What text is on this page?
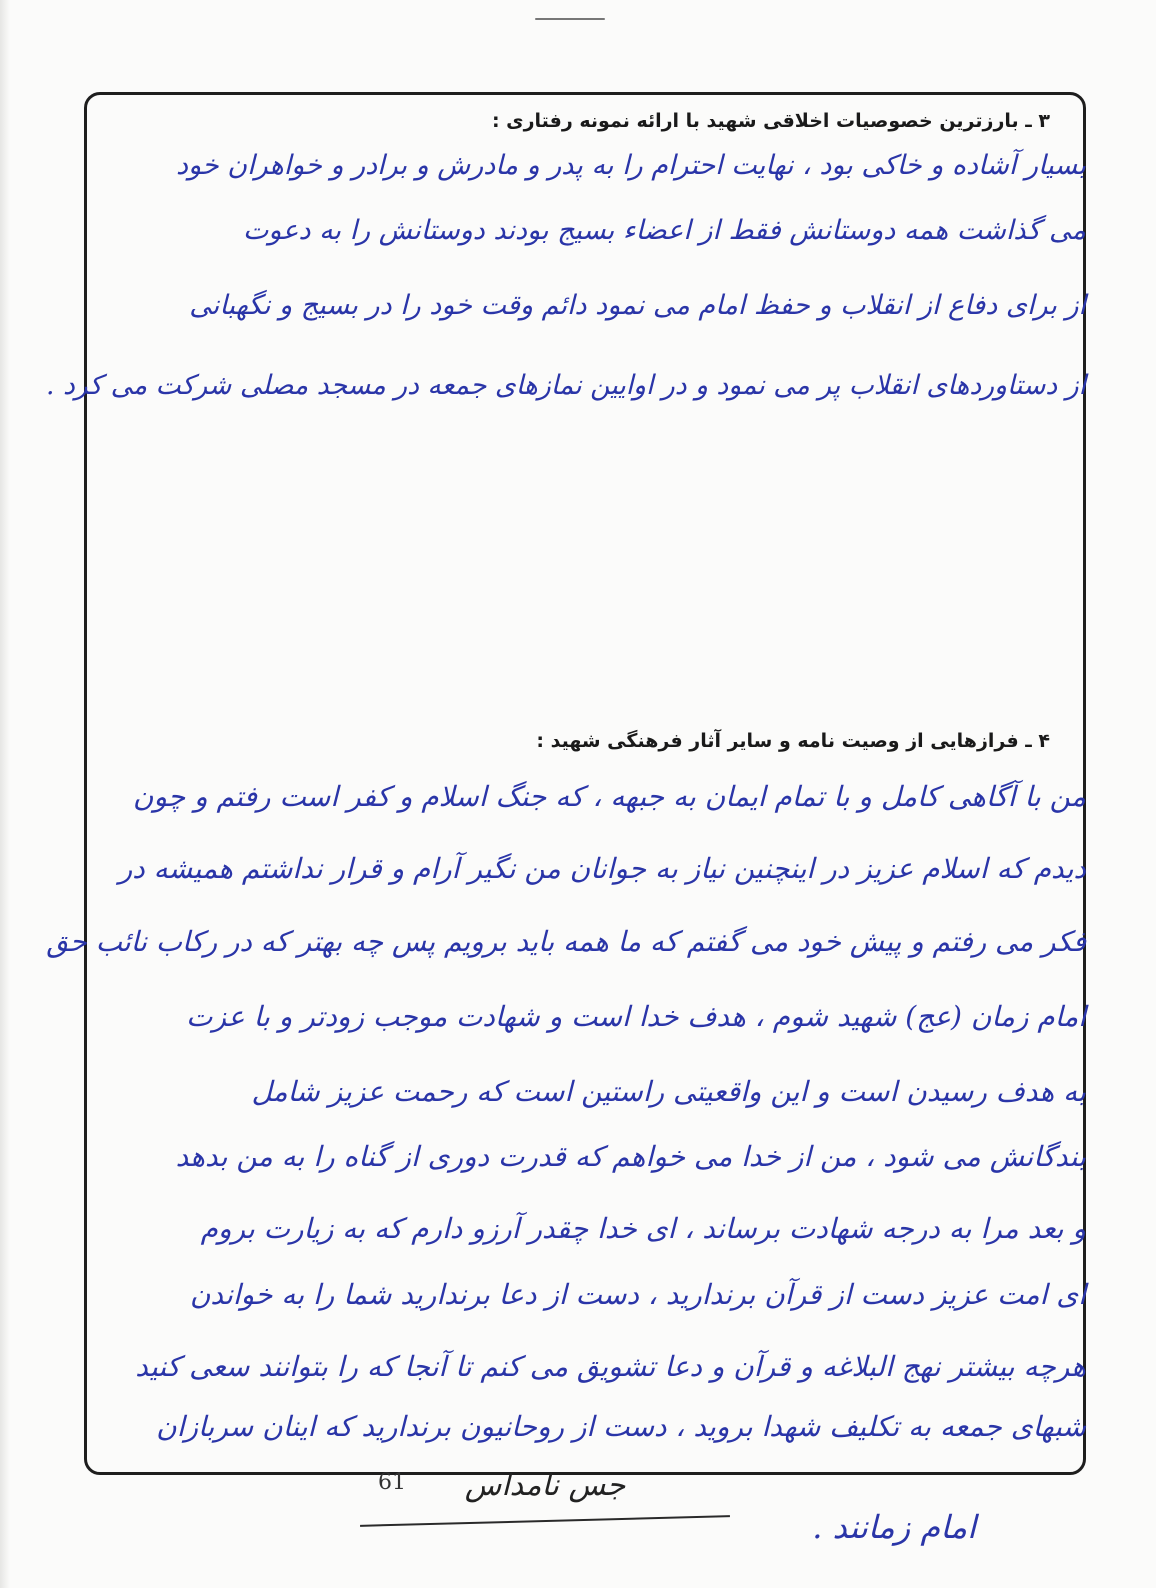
۳ ـ بارزترین خصوصیات اخلاقی شهید با ارائه نمونه رفتاری :
بسیار آشاده و خاکی بود ، نهایت احترام را به پدر و مادرش و برادر و خواهران خود
می گذاشت همه دوستانش فقط از اعضاء بسیج بودند دوستانش را به دعوت
از برای دفاع از انقلاب و حفظ امام می نمود دائم وقت خود را در بسیج و نگهبانی
از دستاوردهای انقلاب پر می نمود و در اوایین نمازهای جمعه در مسجد مصلی شرکت می کرد .
۴ ـ فرازهایی از وصیت نامه و سایر آثار فرهنگی شهید :
من با آگاهی کامل و با تمام ایمان به جبهه ، که جنگ اسلام و کفر است رفتم و چون
دیدم که اسلام عزیز در اینچنین نیاز به جوانان من نگیر آرام و قرار نداشتم همیشه در
فکر می رفتم و پیش خود می گفتم که ما همه باید برویم پس چه بهتر که در رکاب نائب حق
امام زمان (عج) شهید شوم ، هدف خدا است و شهادت موجب زودتر و با عزت
به هدف رسیدن است و این واقعیتی راستین است که رحمت عزیز شامل
بندگانش می شود ، من از خدا می خواهم که قدرت دوری از گناه را به من بدهد
و بعد مرا به درجه شهادت برساند ، ای خدا چقدر آرزو دارم که به زیارت بروم
ای امت عزیز دست از قرآن برندارید ، دست از دعا برندارید شما را به خواندن
هرچه بیشتر نهج البلاغه و قرآن و دعا تشویق می کنم تا آنجا که را بتوانند سعی کنید
شبهای جمعه به تکلیف شهدا بروید ، دست از روحانیون برندارید که اینان سربازان
امام زمانند .
جس نامداس
61
